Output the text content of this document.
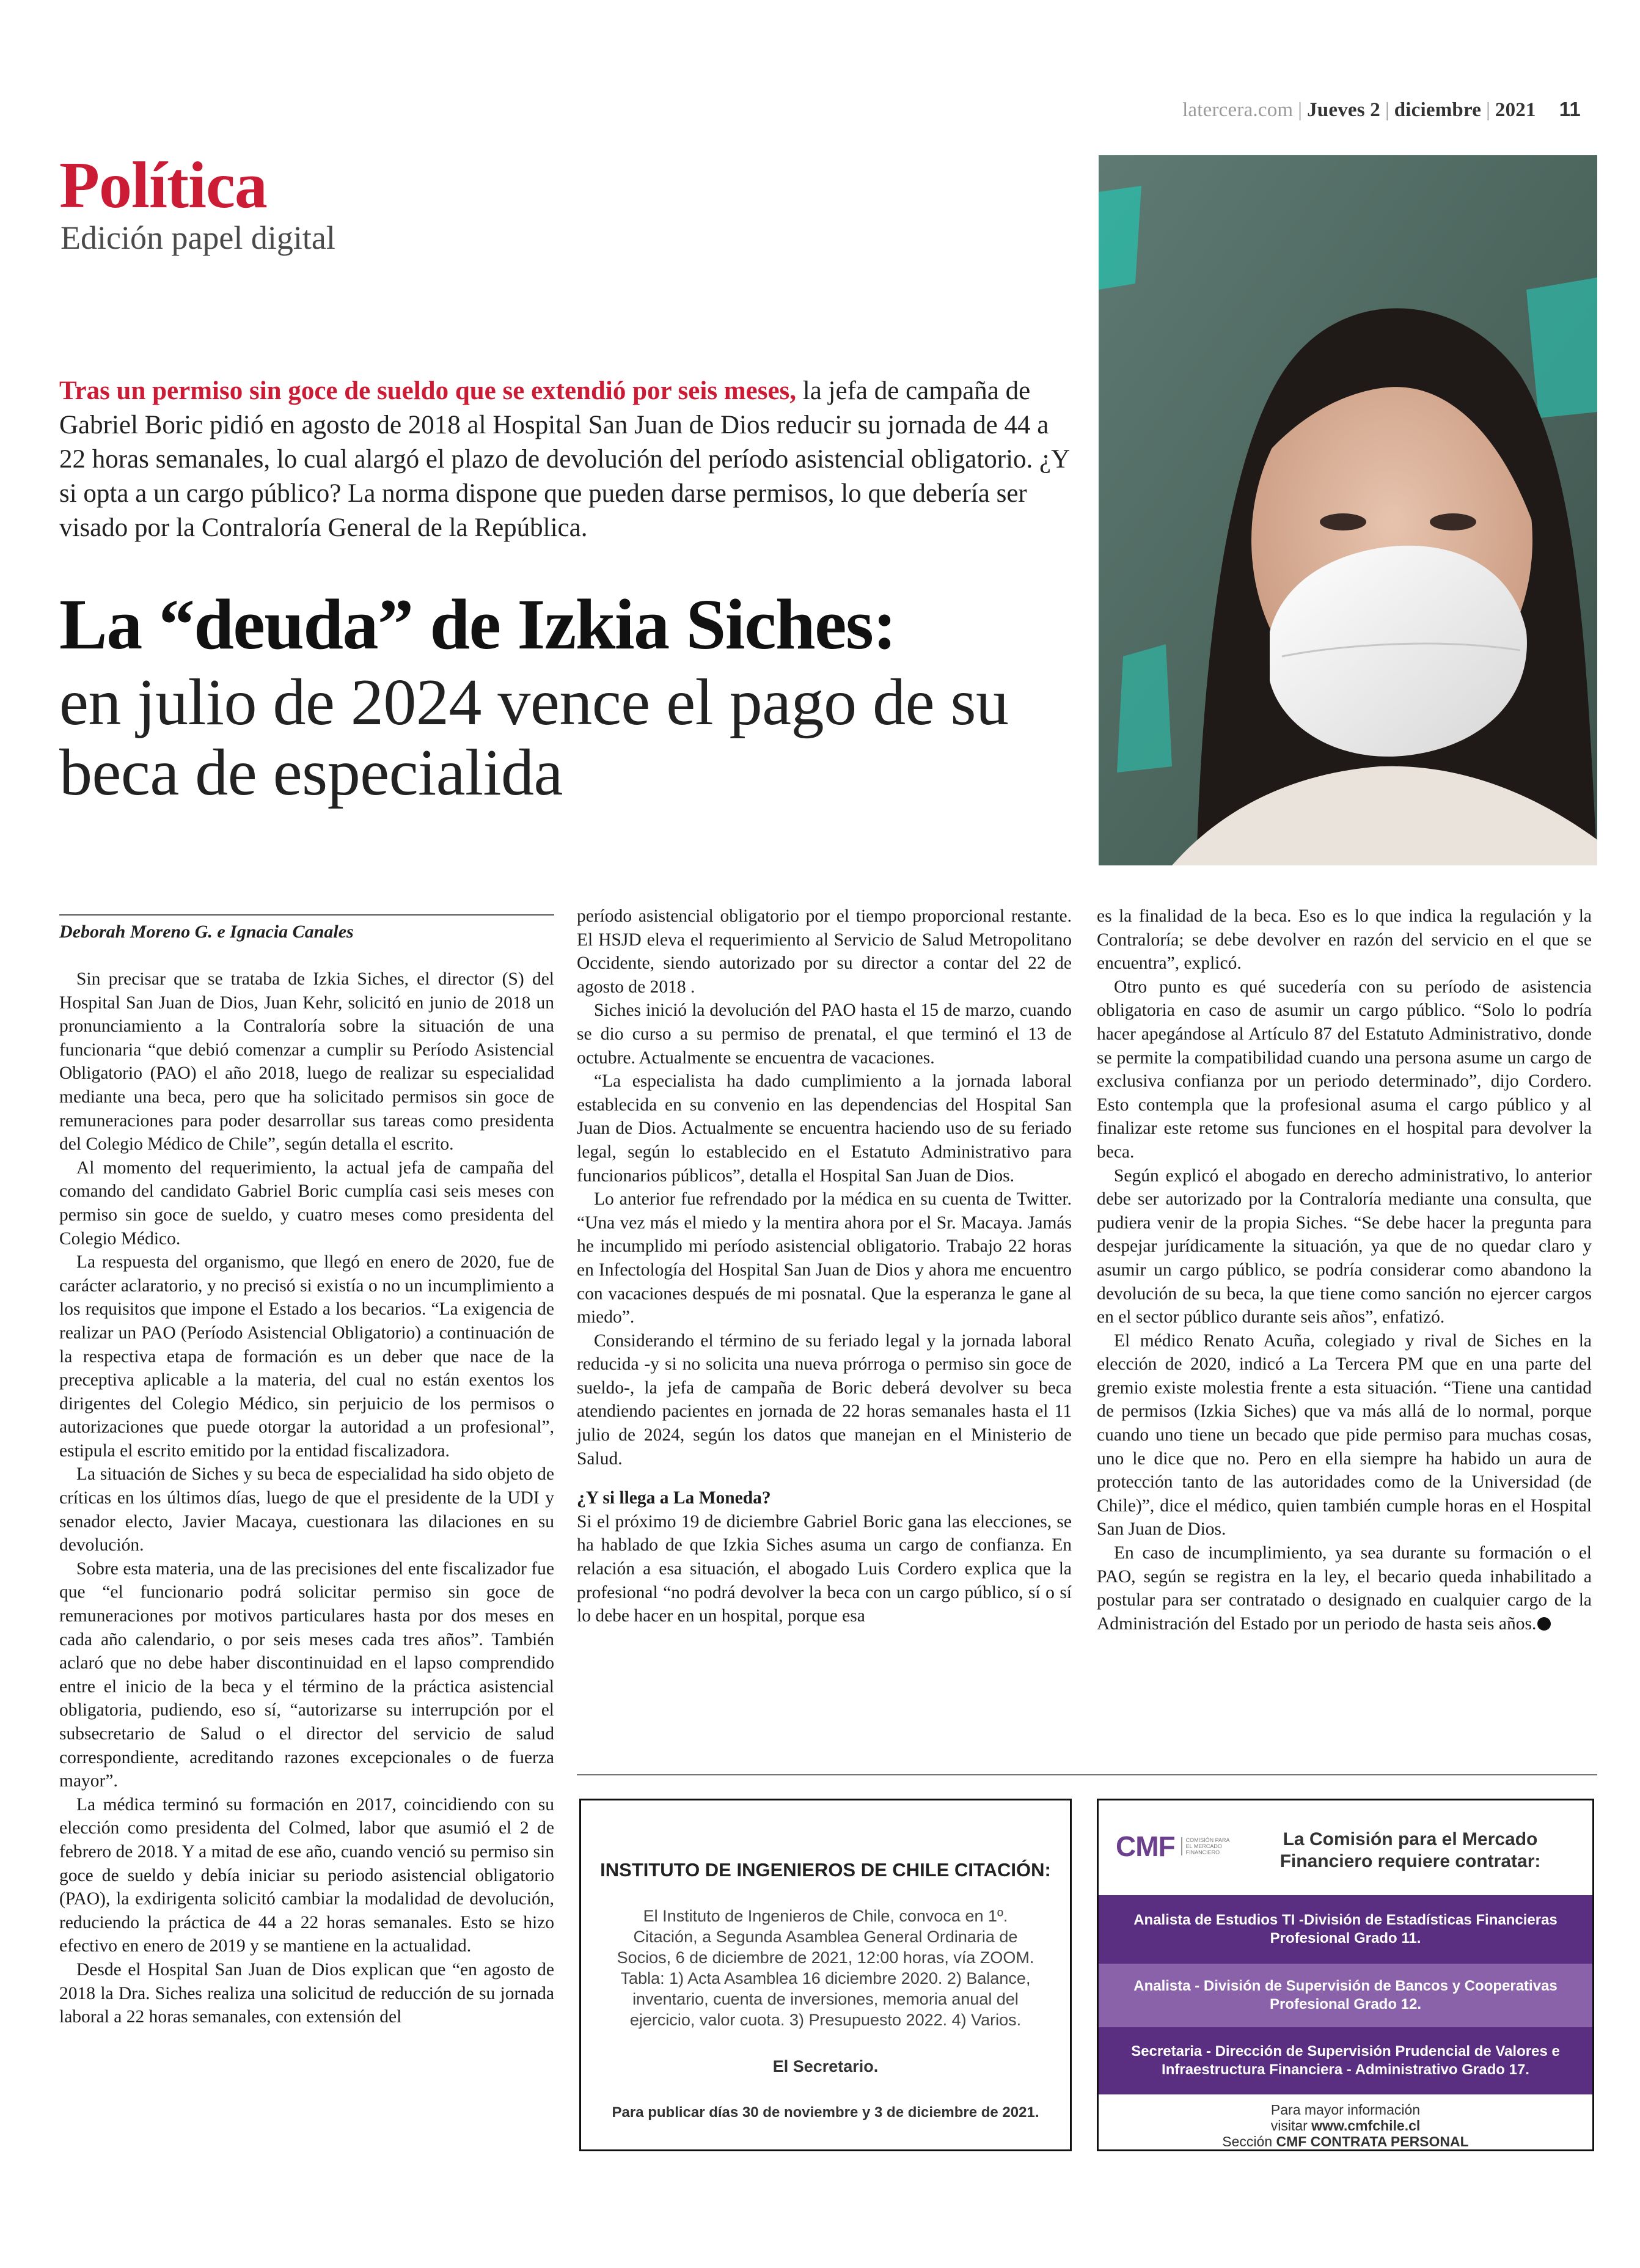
latercera.com | Jueves 2 | diciembre | 2021 11
Política
Edición papel digital
Tras un permiso sin goce de sueldo que se extendió por seis meses, la jefa de campaña de Gabriel Boric pidió en agosto de 2018 al Hospital San Juan de Dios reducir su jornada de 44 a 22 horas semanales, lo cual alargó el plazo de devolución del período asistencial obligatorio. ¿Y si opta a un cargo público? La norma dispone que pueden darse permisos, lo que debería ser visado por la Contraloría General de la República.
La “deuda” de Izkia Siches:
en julio de 2024 vence el pago de su beca de especialida
Deborah Moreno G. e Ignacia Canales

Sin precisar que se trataba de Izkia Siches, el director (S) del Hospital San Juan de Dios, Juan Kehr, solicitó en junio de 2018 un pronunciamiento a la Contraloría sobre la situación de una funcionaria “que debió comenzar a cumplir su Período Asistencial Obligatorio (PAO) el año 2018, luego de realizar su especialidad mediante una beca, pero que ha solicitado permisos sin goce de remuneraciones para poder desarrollar sus tareas como presidenta del Colegio Médico de Chile”, según detalla el escrito.

Al momento del requerimiento, la actual jefa de campaña del comando del candidato Gabriel Boric cumplía casi seis meses con permiso sin goce de sueldo, y cuatro meses como presidenta del Colegio Médico.

La respuesta del organismo, que llegó en enero de 2020, fue de carácter aclaratorio, y no precisó si existía o no un incumplimiento a los requisitos que impone el Estado a los becarios. “La exigencia de realizar un PAO (Período Asistencial Obligatorio) a continuación de la respectiva etapa de formación es un deber que nace de la preceptiva aplicable a la materia, del cual no están exentos los dirigentes del Colegio Médico, sin perjuicio de los permisos o autorizaciones que puede otorgar la autoridad a un profesional”, estipula el escrito emitido por la entidad fiscalizadora.

La situación de Siches y su beca de especialidad ha sido objeto de críticas en los últimos días, luego de que el presidente de la UDI y senador electo, Javier Macaya, cuestionara las dilaciones en su devolución.

Sobre esta materia, una de las precisiones del ente fiscalizador fue que “el funcionario podrá solicitar permiso sin goce de remuneraciones por motivos particulares hasta por dos meses en cada año calendario, o por seis meses cada tres años”. También aclaró que no debe haber discontinuidad en el lapso comprendido entre el inicio de la beca y el término de la práctica asistencial obligatoria, pudiendo, eso sí, “autorizarse su interrupción por el subsecretario de Salud o el director del servicio de salud correspondiente, acreditando razones excepcionales o de fuerza mayor”.

La médica terminó su formación en 2017, coincidiendo con su elección como presidenta del Colmed, labor que asumió el 2 de febrero de 2018. Y a mitad de ese año, cuando venció su permiso sin goce de sueldo y debía iniciar su periodo asistencial obligatorio (PAO), la exdirigenta solicitó cambiar la modalidad de devolución, reduciendo la práctica de 44 a 22 horas semanales. Esto se hizo efectivo en enero de 2019 y se mantiene en la actualidad.

Desde el Hospital San Juan de Dios explican que “en agosto de 2018 la Dra. Siches realiza una solicitud de reducción de su jornada laboral a 22 horas semanales, con extensión del

período asistencial obligatorio por el tiempo proporcional restante. El HSJD eleva el requerimiento al Servicio de Salud Metropolitano Occidente, siendo autorizado por su director a contar del 22 de agosto de 2018 .

Siches inició la devolución del PAO hasta el 15 de marzo, cuando se dio curso a su permiso de prenatal, el que terminó el 13 de octubre. Actualmente se encuentra de vacaciones.

“La especialista ha dado cumplimiento a la jornada laboral establecida en su convenio en las dependencias del Hospital San Juan de Dios. Actualmente se encuentra haciendo uso de su feriado legal, según lo establecido en el Estatuto Administrativo para funcionarios públicos”, detalla el Hospital San Juan de Dios.

Lo anterior fue refrendado por la médica en su cuenta de Twitter. “Una vez más el miedo y la mentira ahora por el Sr. Macaya. Jamás he incumplido mi período asistencial obligatorio. Trabajo 22 horas en Infectología del Hospital San Juan de Dios y ahora me encuentro con vacaciones después de mi posnatal. Que la esperanza le gane al miedo”.

Considerando el término de su feriado legal y la jornada laboral reducida -y si no solicita una nueva prórroga o permiso sin goce de sueldo-, la jefa de campaña de Boric deberá devolver su beca atendiendo pacientes en jornada de 22 horas semanales hasta el 11 julio de 2024, según los datos que manejan en el Ministerio de Salud.

¿Y si llega a La Moneda?

Si el próximo 19 de diciembre Gabriel Boric gana las elecciones, se ha hablado de que Izkia Siches asuma un cargo de confianza. En relación a esa situación, el abogado Luis Cordero explica que la profesional “no podrá devolver la beca con un cargo público, sí o sí lo debe hacer en un hospital, porque esa

es la finalidad de la beca. Eso es lo que indica la regulación y la Contraloría; se debe devolver en razón del servicio en el que se encuentra”, explicó.

Otro punto es qué sucedería con su período de asistencia obligatoria en caso de asumir un cargo público. “Solo lo podría hacer apegándose al Artículo 87 del Estatuto Administrativo, donde se permite la compatibilidad cuando una persona asume un cargo de exclusiva confianza por un periodo determinado”, dijo Cordero. Esto contempla que la profesional asuma el cargo público y al finalizar este retome sus funciones en el hospital para devolver la beca.

Según explicó el abogado en derecho administrativo, lo anterior debe ser autorizado por la Contraloría mediante una consulta, que pudiera venir de la propia Siches. “Se debe hacer la pregunta para despejar jurídicamente la situación, ya que de no quedar claro y asumir un cargo público, se podría considerar como abandono la devolución de su beca, la que tiene como sanción no ejercer cargos en el sector público durante seis años”, enfatizó.

El médico Renato Acuña, colegiado y rival de Siches en la elección de 2020, indicó a La Tercera PM que en una parte del gremio existe molestia frente a esta situación. “Tiene una cantidad de permisos (Izkia Siches) que va más allá de lo normal, porque cuando uno tiene un becado que pide permiso para muchas cosas, uno le dice que no. Pero en ella siempre ha habido un aura de protección tanto de las autoridades como de la Universidad (de Chile)”, dice el médico, quien también cumple horas en el Hospital San Juan de Dios.

En caso de incumplimiento, ya sea durante su formación o el PAO, según se registra en la ley, el becario queda inhabilitado a postular para ser contratado o designado en cualquier cargo de la Administración del Estado por un periodo de hasta seis años.

INSTITUTO DE INGENIEROS DE CHILE CITACIÓN:
El Instituto de Ingenieros de Chile, convoca en 1º. Citación, a Segunda Asamblea General Ordinaria de Socios, 6 de diciembre de 2021, 12:00 horas, vía ZOOM. Tabla: 1) Acta Asamblea 16 diciembre 2020. 2) Balance, inventario, cuenta de inversiones, memoria anual del ejercicio, valor cuota. 3) Presupuesto 2022. 4) Varios.
El Secretario.
Para publicar días 30 de noviembre y 3 de diciembre de 2021.
CMF	COMISIÓN PARA EL MERCADO FINANCIERO
La Comisión para el Mercado Financiero requiere contratar:
Analista de Estudios TI -División de Estadísticas Financieras Profesional Grado 11.
Analista - División de Supervisión de Bancos y Cooperativas Profesional Grado 12.
Secretaria - Dirección de Supervisión Prudencial de Valores e Infraestructura Financiera - Administrativo Grado 17.
Para mayor información
visitar www.cmfchile.cl
Sección CMF CONTRATA PERSONAL
